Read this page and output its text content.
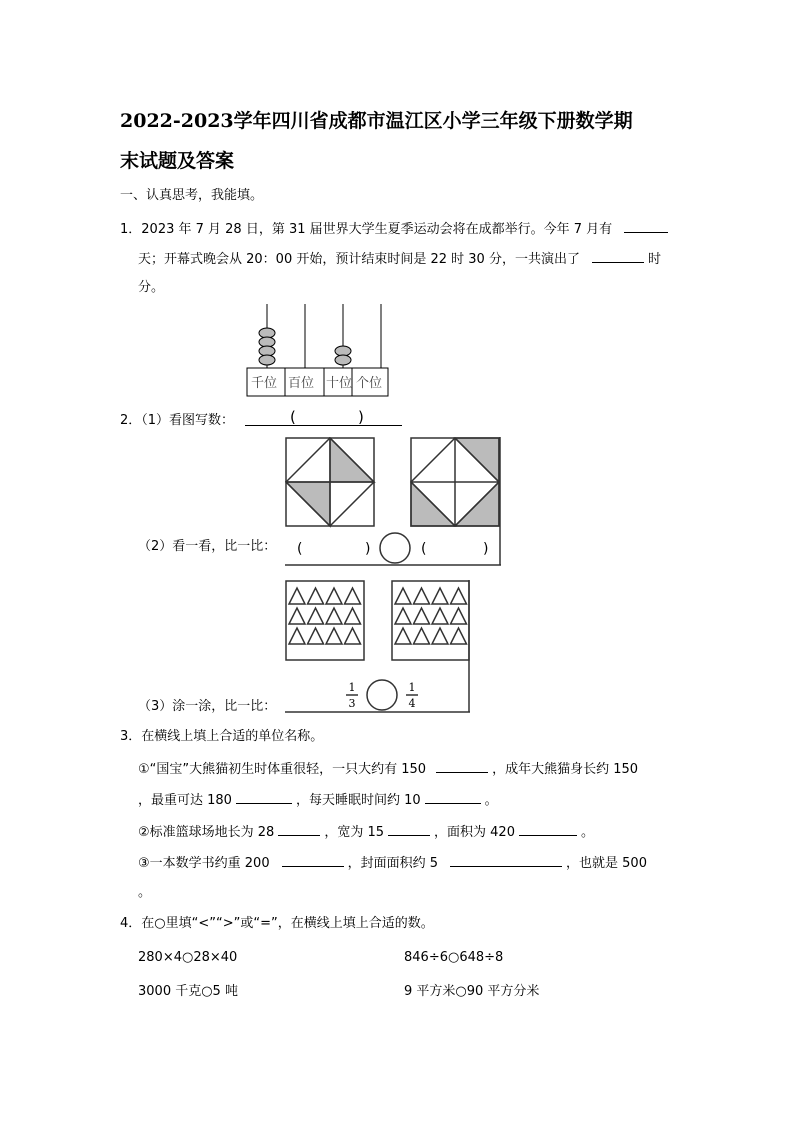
2022-2023学年四川省成都市温江区小学三年级下册数学期
末试题及答案
一、认真思考，我能填。
1．2023 年 7 月 28 日，第 31 届世界大学生夏季运动会将在成都举行。今年 7 月有
天；开幕式晚会从 20：00 开始，预计结束时间是 22 时 30 分，一共演出了	时
分。
千位 百位 十位 个位
2．（1）看图写数：	(	)
(	)	(	)
（2）看一看，比一比：
1
3
1
4
（3）涂一涂，比一比：
3．在横线上填上合适的单位名称。
①“国宝”大熊猫初生时体重很轻，一只大约有 150	，成年大熊猫身长约 150
，最重可达 180	，每天睡眠时间约 10	。
②标准篮球场地长为 28	，宽为 15	，面积为 420	。
③一本数学书约重 200	，封面面积约 5	，也就是 500
。
4．在○里填“<”“>”或“=”，在横线上填上合适的数。
280×4○28×40	846÷6○648÷8
3000 千克○5 吨	9 平方米○90 平方分米
